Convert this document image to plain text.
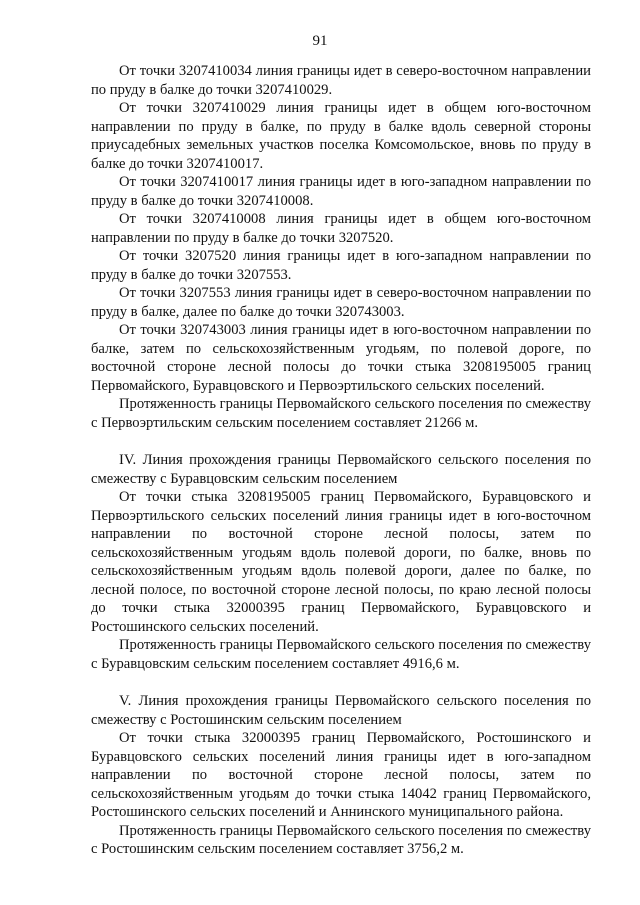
91

От точки 3207410034 линия границы идет в северо-восточном направлении по пруду в балке до точки 3207410029.

От точки 3207410029 линия границы идет в общем юго-восточном направлении по пруду в балке, по пруду в балке вдоль северной стороны приусадебных земельных участков поселка Комсомольское, вновь по пруду в балке до точки 3207410017.

От точки 3207410017 линия границы идет в юго-западном направлении по пруду в балке до точки 3207410008.

От точки 3207410008 линия границы идет в общем юго-восточном направлении по пруду в балке до точки 3207520.

От точки 3207520 линия границы идет в юго-западном направлении по пруду в балке до точки 3207553.

От точки 3207553 линия границы идет в северо-восточном направлении по пруду в балке, далее по балке до точки 320743003.

От точки 320743003 линия границы идет в юго-восточном направлении по балке, затем по сельскохозяйственным угодьям, по полевой дороге, по восточной стороне лесной полосы до точки стыка 3208195005 границ Первомайского, Буравцовского и Первоэртильского сельских поселений.

Протяженность границы Первомайского сельского поселения по смежеству с Первоэртильским сельским поселением составляет 21266 м.

IV. Линия прохождения границы Первомайского сельского поселения по смежеству с Буравцовским сельским поселением

От точки стыка 3208195005 границ Первомайского, Буравцовского и Первоэртильского сельских поселений линия границы идет в юго-восточном направлении по восточной стороне лесной полосы, затем по сельскохозяйственным угодьям вдоль полевой дороги, по балке, вновь по сельскохозяйственным угодьям вдоль полевой дороги, далее по балке, по лесной полосе, по восточной стороне лесной полосы, по краю лесной полосы до точки стыка 32000395 границ Первомайского, Буравцовского и Ростошинского сельских поселений.

Протяженность границы Первомайского сельского поселения по смежеству с Буравцовским сельским поселением составляет 4916,6 м.

V. Линия прохождения границы Первомайского сельского поселения по смежеству с Ростошинским сельским поселением

От точки стыка 32000395 границ Первомайского, Ростошинского и Буравцовского сельских поселений линия границы идет в юго-западном направлении по восточной стороне лесной полосы, затем по сельскохозяйственным угодьям до точки стыка 14042 границ Первомайского, Ростошинского сельских поселений и Аннинского муниципального района.

Протяженность границы Первомайского сельского поселения по смежеству с Ростошинским сельским поселением составляет 3756,2 м.
